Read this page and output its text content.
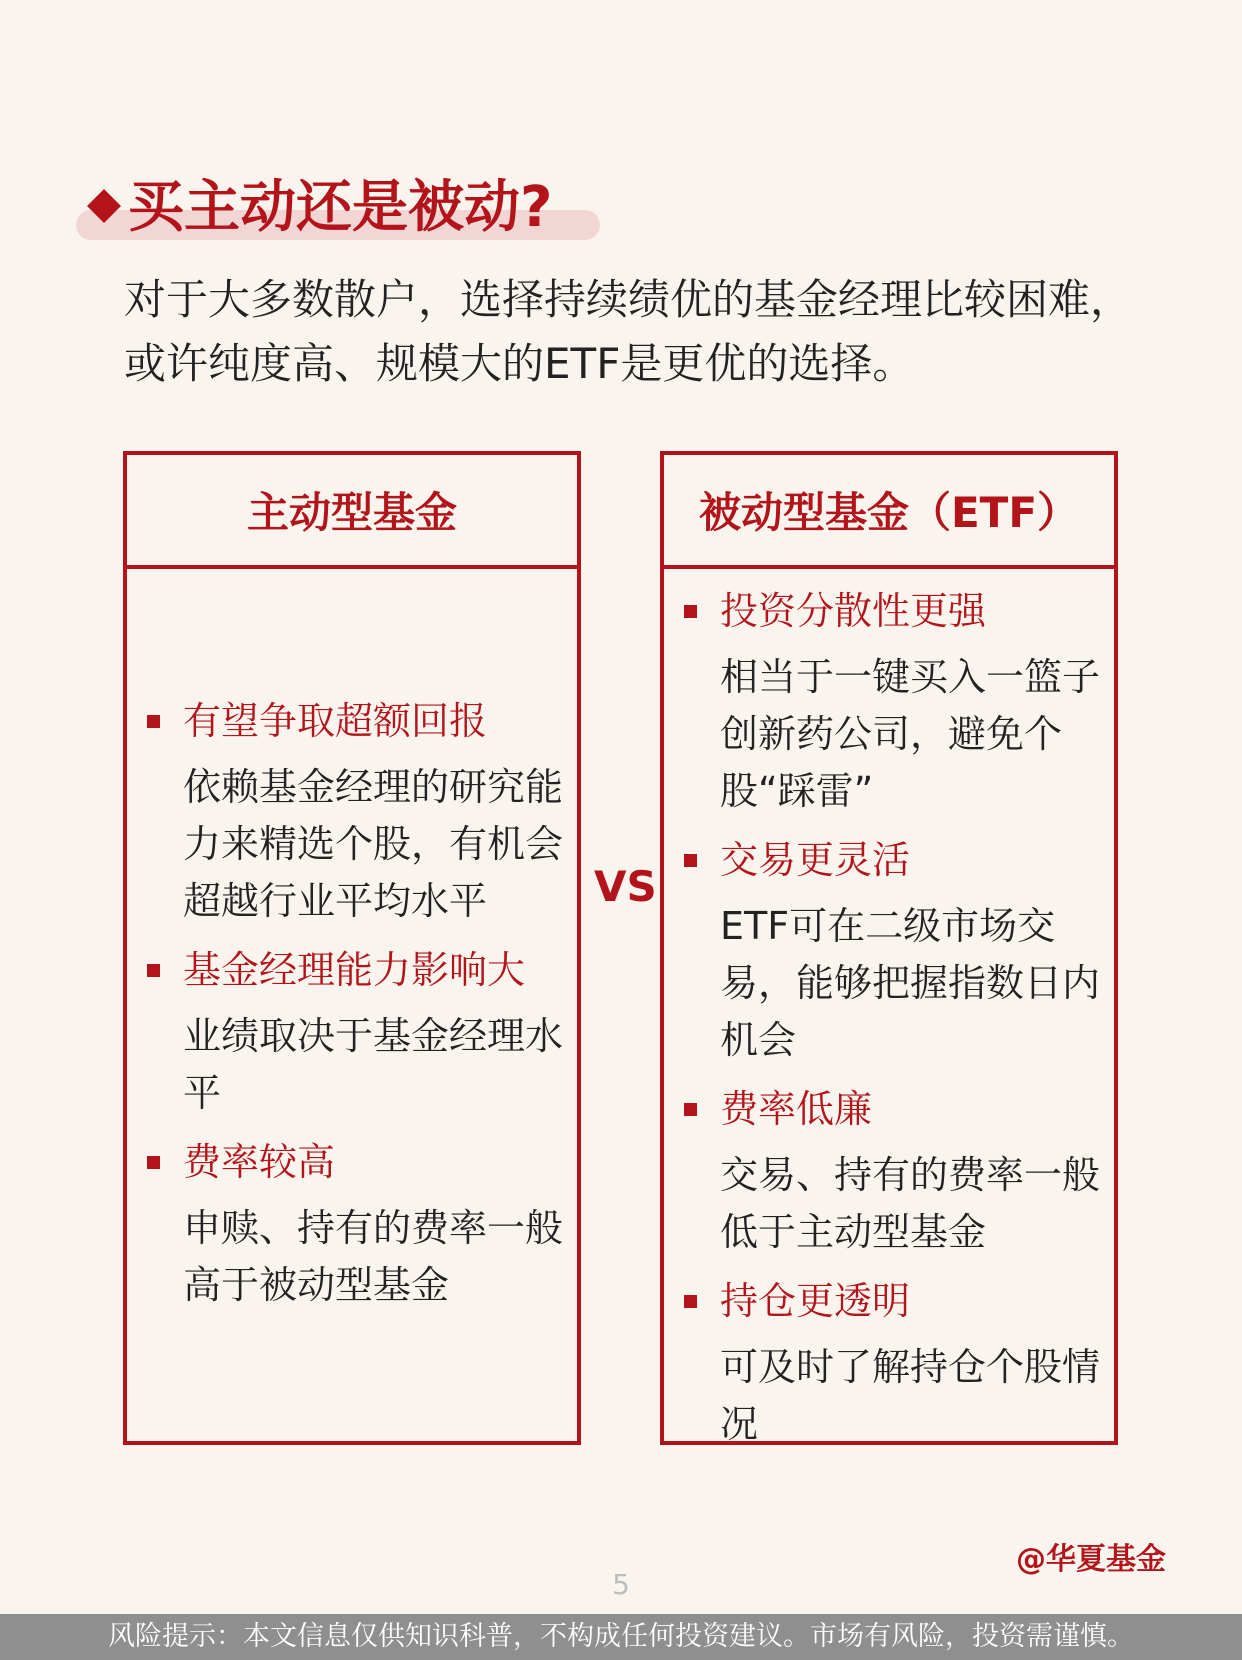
买主动还是被动?
对于大多数散户，选择持续绩优的基金经理比较困难，或许纯度高、规模大的ETF是更优的选择。
主动型基金
有望争取超额回报
依赖基金经理的研究能力来精选个股，有机会超越行业平均水平
基金经理能力影响大
业绩取决于基金经理水平
费率较高
申赎、持有的费率一般高于被动型基金
VS
被动型基金（ETF）
投资分散性更强
相当于一键买入一篮子创新药公司，避免个股“踩雷”
交易更灵活
ETF可在二级市场交易，能够把握指数日内机会
费率低廉
交易、持有的费率一般低于主动型基金
持仓更透明
可及时了解持仓个股情况
@华夏基金
5
风险提示：本文信息仅供知识科普，不构成任何投资建议。市场有风险，投资需谨慎。
